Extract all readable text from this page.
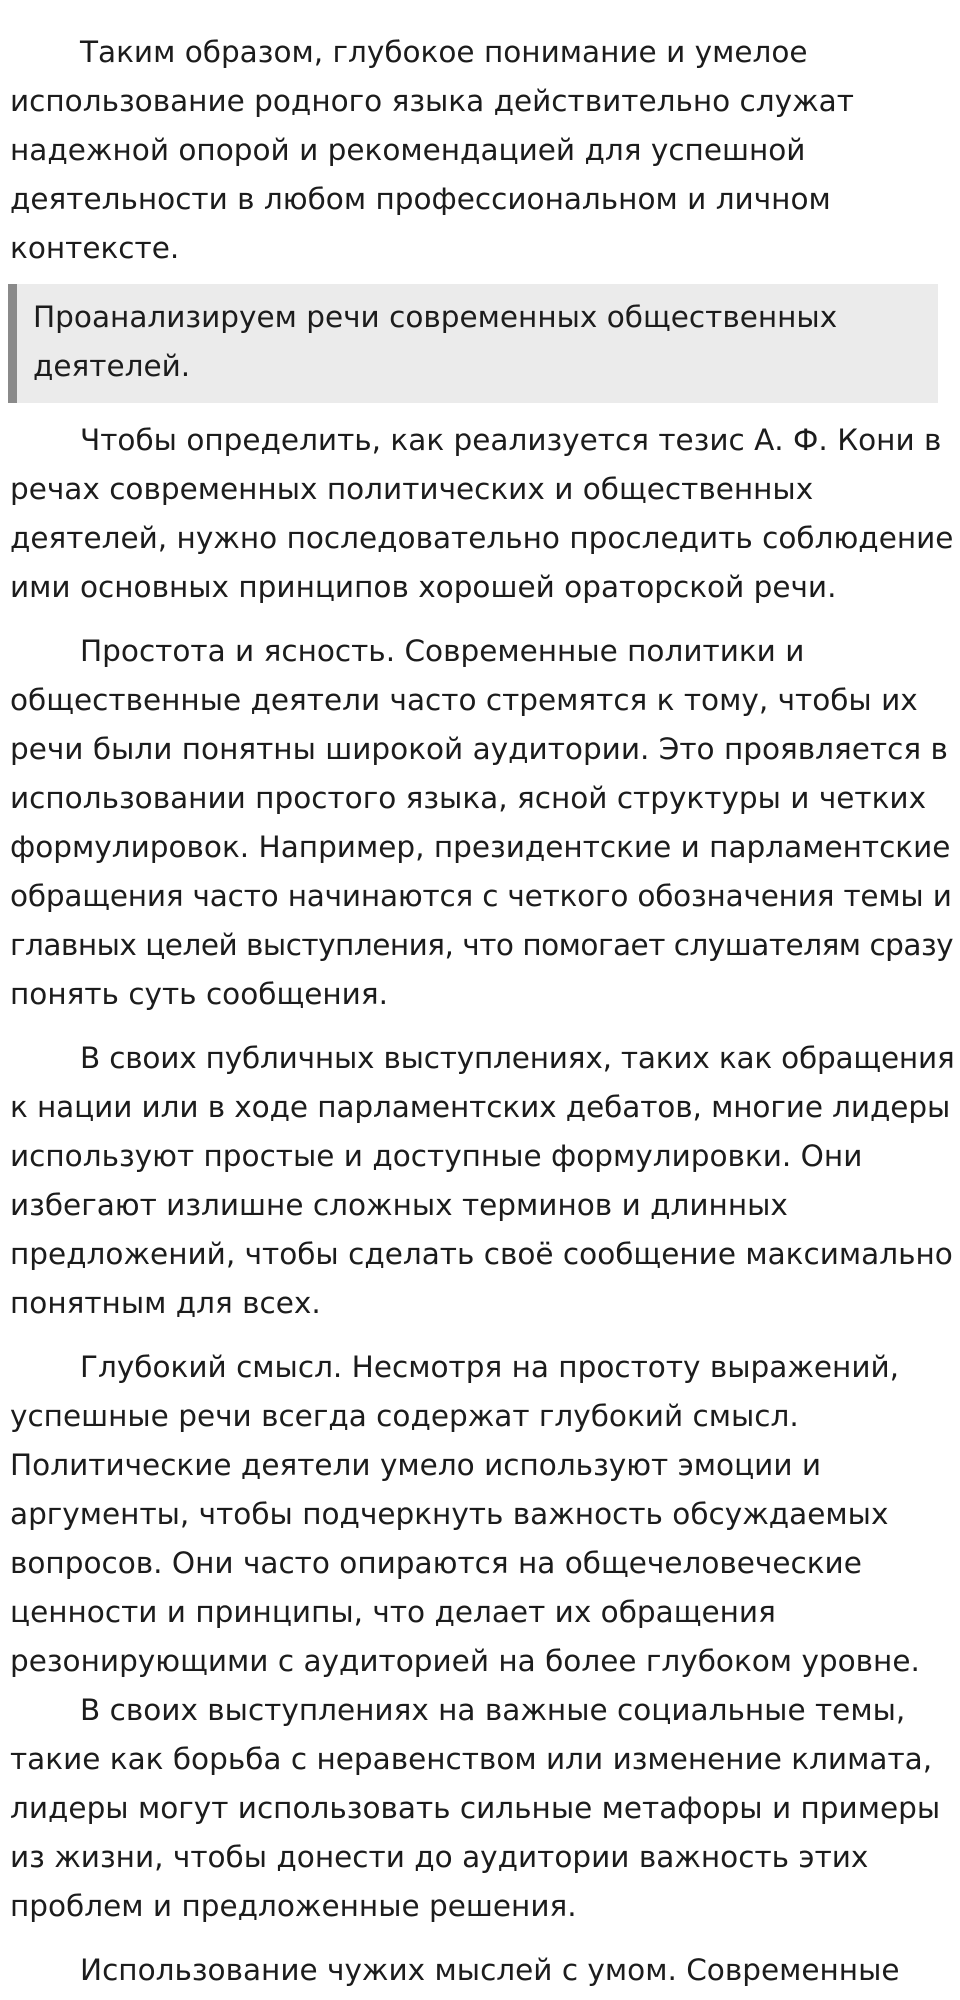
Таким образом, глубокое понимание и умелое
использование родного языка действительно служат
надежной опорой и рекомендацией для успешной
деятельности в любом профессиональном и личном
контексте.

Проанализируем речи современных общественных
деятелей.

Чтобы определить, как реализуется тезис А. Ф. Кони в
речах современных политических и общественных
деятелей, нужно последовательно проследить соблюдение
ими основных принципов хорошей ораторской речи.

Простота и ясность. Современные политики и
общественные деятели часто стремятся к тому, чтобы их
речи были понятны широкой аудитории. Это проявляется в
использовании простого языка, ясной структуры и четких
формулировок. Например, президентские и парламентские
обращения часто начинаются с четкого обозначения темы и
главных целей выступления, что помогает слушателям сразу
понять суть сообщения.

В своих публичных выступлениях, таких как обращения
к нации или в ходе парламентских дебатов, многие лидеры
используют простые и доступные формулировки. Они
избегают излишне сложных терминов и длинных
предложений, чтобы сделать своё сообщение максимально
понятным для всех.

Глубокий смысл. Несмотря на простоту выражений,
успешные речи всегда содержат глубокий смысл.
Политические деятели умело используют эмоции и
аргументы, чтобы подчеркнуть важность обсуждаемых
вопросов. Они часто опираются на общечеловеческие
ценности и принципы, что делает их обращения
резонирующими с аудиторией на более глубоком уровне.

В своих выступлениях на важные социальные темы,
такие как борьба с неравенством или изменение климата,
лидеры могут использовать сильные метафоры и примеры
из жизни, чтобы донести до аудитории важность этих
проблем и предложенные решения.

Использование чужих мыслей с умом. Современные
